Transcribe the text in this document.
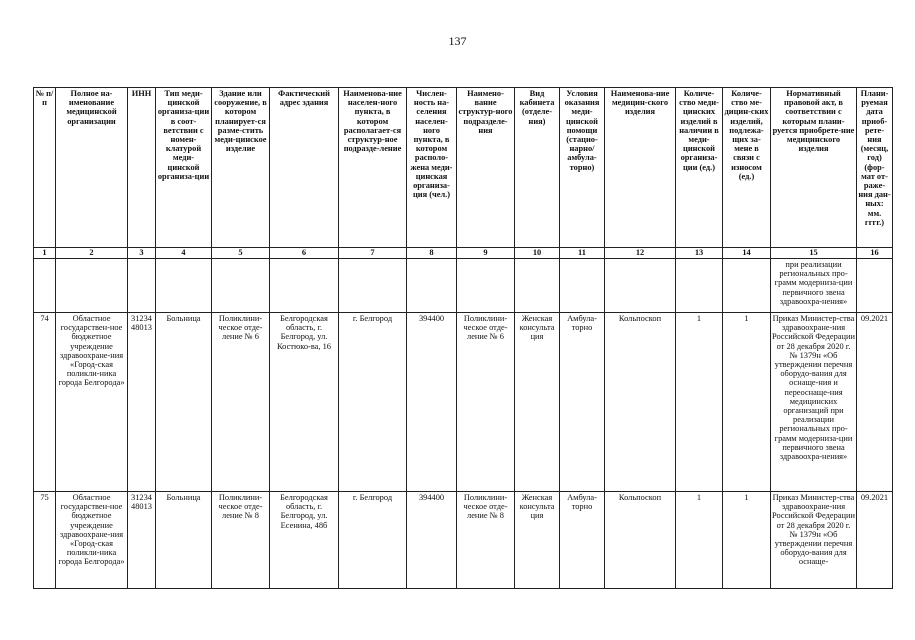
137
№ п/п	Полное на-именование медицинской организации	ИНН	Тип меди-цинской организа-ции в соот-ветствии с номен-клатурой меди-цинской организа-ции	Здание или сооружение, в котором планирует-ся разме-стить меди-цинское изделие	Фактический адрес здания	Наименова-ние населен-ного пункта, в котором располагает-ся структур-ное подразде-ление	Числен-ность на-селения населен-ного пункта, в котором располо-жена меди-цинская организа-ция (чел.)	Наимено-вание структур-ного подразделе-ния	Вид кабинета (отделе-ния)	Условия оказания меди-цинской помощи (стацио-нарно/ амбула-торно)	Наименова-ние медицин-ского изделия	Количе-ство меди-цинских изделий в наличии в меди-цинской организа-ции (ед.)	Количе-ство ме-дицин-ских изделий, подлежа-щих за-мене в связи с износом (ед.)	Нормативный правовой акт, в соответствии с которым плани-руется приобрете-ние медицинского изделия	Плани-руемая дата приоб-рете-ния (месяц, год) (фор-мат от-раже-ния дан-ных: мм. гггг.)
1	2	3	4	5	6	7	8	9	10	11	12	13	14	15	16
														при реализации региональных про-грамм модерниза-ции первичного звена здравоохра-нения»	
74	Областное государствен-ное бюджетное учреждение здравоохране-ния «Город-ская поликли-ника города Белгорода»	3123448013	Больница	Поликлини-ческое отде-ление № 6	Белгородская область, г. Белгород, ул. Костюко-ва, 16	г. Белгород	394400	Поликлини-ческое отде-ление № 6	Женская консульта ция	Амбула-торно	Кольпоскоп	1	1	Приказ Министер-ства здравоохране-ния Российской Федерации от 28 декабря 2020 г. № 1379н «Об утверждении перечня оборудо-вания для оснаще-ния и переоснаще-ния медицинских организаций при реализации региональных про-грамм модерниза-ции первичного звена здравоохра-нения»	09.2021
75	Областное государствен-ное бюджетное учреждение здравоохране-ния «Город-ская поликли-ника города Белгорода»	3123448013	Больница	Поликлини-ческое отде-ление № 8	Белгородская область, г. Белгород, ул. Есенина, 48б	г. Белгород	394400	Поликлини-ческое отде-ление № 8	Женская консульта ция	Амбула-торно	Кольпоскоп	1	1	Приказ Министер-ства здравоохране-ния Российской Федерации от 28 декабря 2020 г. № 1379н «Об утверждении перечня оборудо-вания для оснаще-	09.2021
